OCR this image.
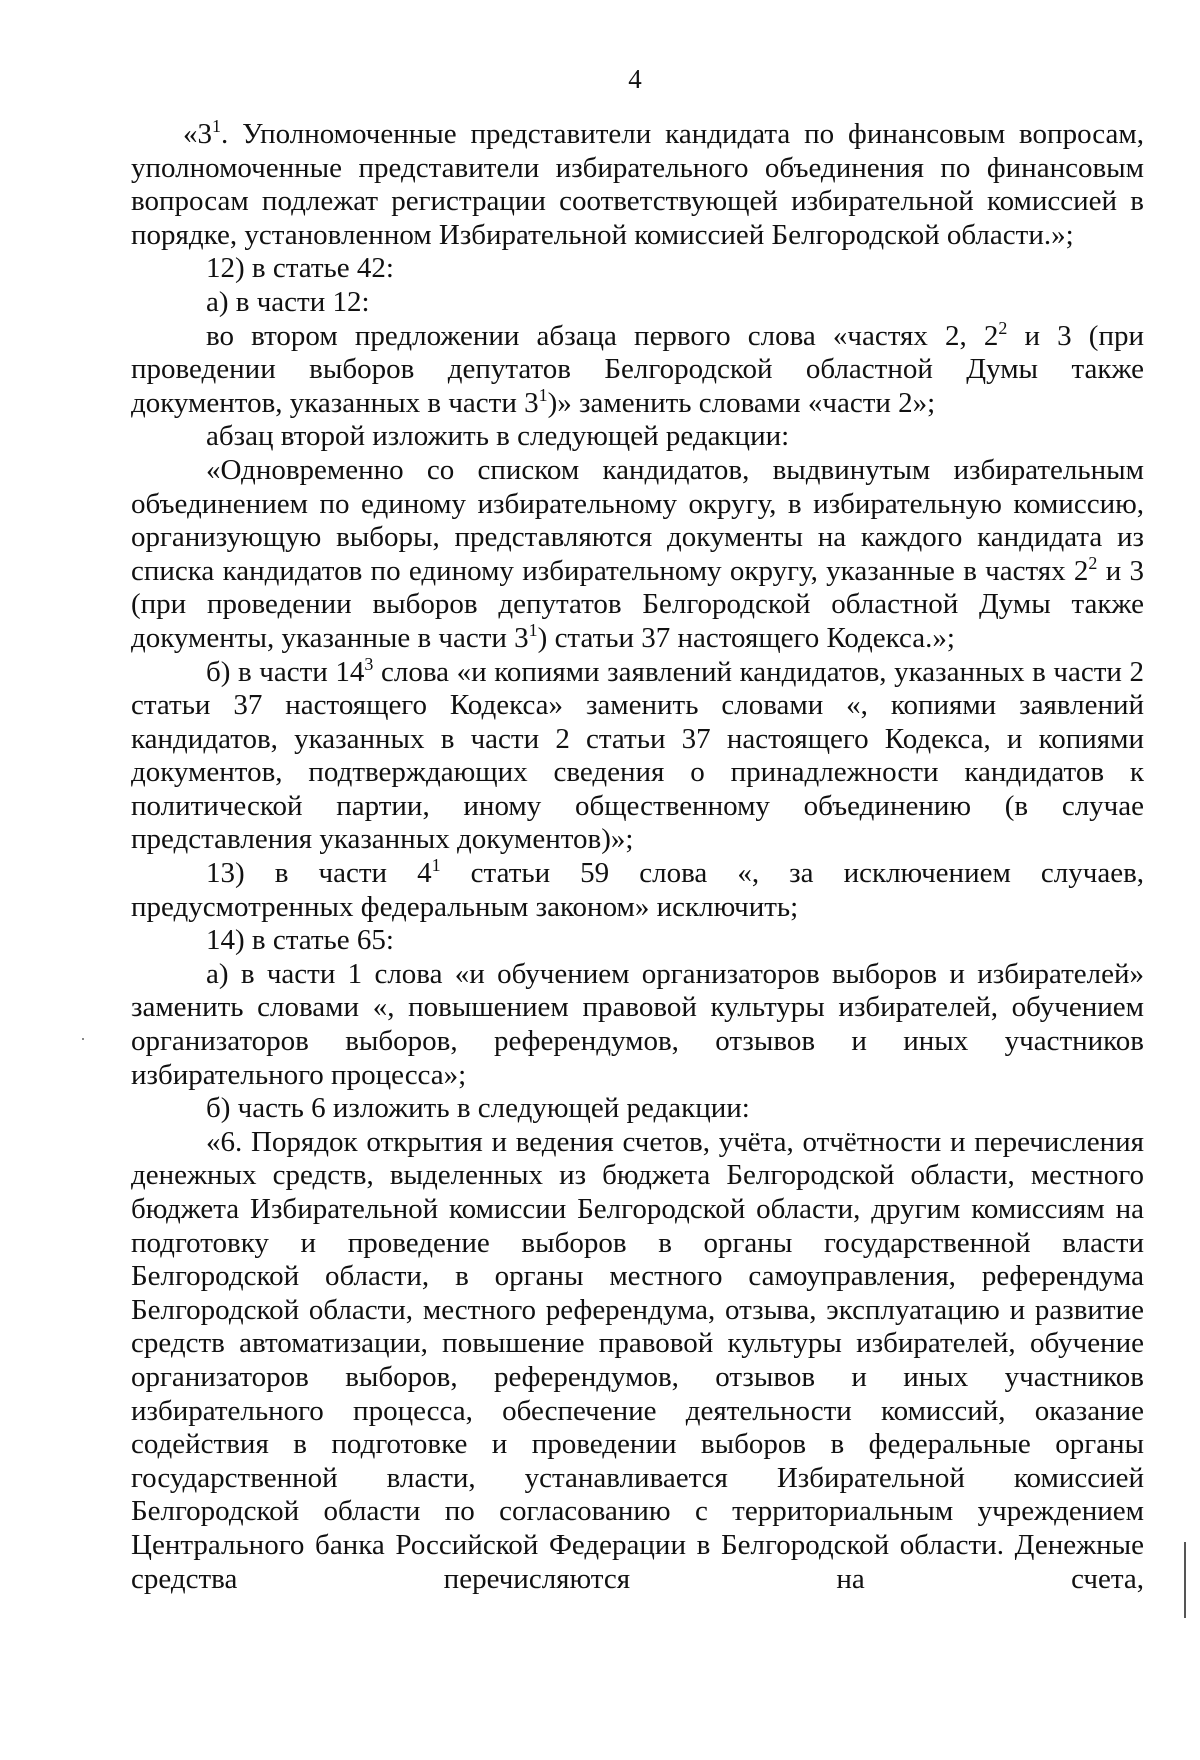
4

«$3^1$. Уполномоченные представители кандидата по финансовым вопросам, уполномоченные представители избирательного объединения по финансовым вопросам подлежат регистрации соответствующей избирательной комиссией в порядке, установленном Избирательной комиссией Белгородской области.»;

12) в статье 42:

а) в части 12:

во втором предложении абзаца первого слова «частях 2, $2^2$ и 3 (при проведении выборов депутатов Белгородской областной Думы также документов, указанных в части $3^1$)» заменить словами «части 2»;

абзац второй изложить в следующей редакции:

«Одновременно со списком кандидатов, выдвинутым избирательным объединением по единому избирательному округу, в избирательную комиссию, организующую выборы, представляются документы на каждого кандидата из списка кандидатов по единому избирательному округу, указанные в частях $2^2$ и 3 (при проведении выборов депутатов Белгородской областной Думы также документы, указанные в части $3^1$) статьи 37 настоящего Кодекса.»;

б) в части $14^3$ слова «и копиями заявлений кандидатов, указанных в части 2 статьи 37 настоящего Кодекса» заменить словами «, копиями заявлений кандидатов, указанных в части 2 статьи 37 настоящего Кодекса, и копиями документов, подтверждающих сведения о принадлежности кандидатов к политической партии, иному общественному объединению (в случае представления указанных документов)»;

13) в части $4^1$ статьи 59 слова «, за исключением случаев, предусмотренных федеральным законом» исключить;

14) в статье 65:

а) в части 1 слова «и обучением организаторов выборов и избирателей» заменить словами «, повышением правовой культуры избирателей, обучением организаторов выборов, референдумов, отзывов и иных участников избирательного процесса»;

б) часть 6 изложить в следующей редакции:

«6. Порядок открытия и ведения счетов, учёта, отчётности и перечисления денежных средств, выделенных из бюджета Белгородской области, местного бюджета Избирательной комиссии Белгородской области, другим комиссиям на подготовку и проведение выборов в органы государственной власти Белгородской области, в органы местного самоуправления, референдума Белгородской области, местного референдума, отзыва, эксплуатацию и развитие средств автоматизации, повышение правовой культуры избирателей, обучение организаторов выборов, референдумов, отзывов и иных участников избирательного процесса, обеспечение деятельности комиссий, оказание содействия в подготовке и проведении выборов в федеральные органы государственной власти, устанавливается Избирательной комиссией Белгородской области по согласованию с территориальным учреждением Центрального банка Российской Федерации в Белгородской области. Денежные средства перечисляются на счета,
